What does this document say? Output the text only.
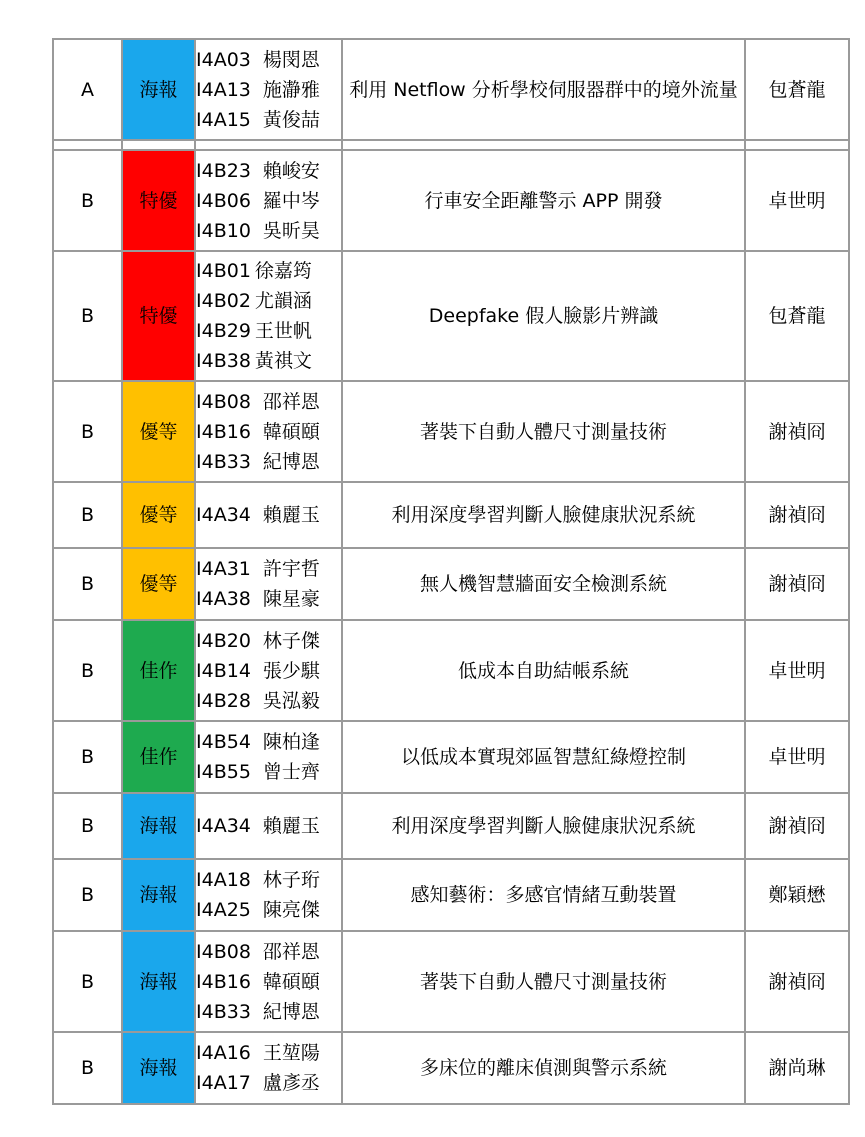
A	海報	I4A03 楊閔恩
I4A13 施瀞雅
I4A15 黃俊喆	利用 Netflow 分析學校伺服器群中的境外流量	包蒼龍

B	特優	I4B23 賴峻安
I4B06 羅中岑
I4B10 吳昕昊	行車安全距離警示 APP 開發	卓世明
B	特優	I4B01 徐嘉筠
I4B02 尤韻涵
I4B29 王世帆
I4B38 黃祺文	Deepfake 假人臉影片辨識	包蒼龍
B	優等	I4B08 邵祥恩
I4B16 韓碩頤
I4B33 紀博恩	著裝下自動人體尺寸測量技術	謝禎冏
B	優等	I4A34 賴麗玉	利用深度學習判斷人臉健康狀況系統	謝禎冏
B	優等	I4A31 許宇哲
I4A38 陳星豪	無人機智慧牆面安全檢測系統	謝禎冏
B	佳作	I4B20 林子傑
I4B14 張少騏
I4B28 吳泓毅	低成本自助結帳系統	卓世明
B	佳作	I4B54 陳柏逢
I4B55 曾士齊	以低成本實現郊區智慧紅綠燈控制	卓世明
B	海報	I4A34 賴麗玉	利用深度學習判斷人臉健康狀況系統	謝禎冏
B	海報	I4A18 林子珩
I4A25 陳亮傑	感知藝術：多感官情緒互動裝置	鄭穎懋
B	海報	I4B08 邵祥恩
I4B16 韓碩頤
I4B33 紀博恩	著裝下自動人體尺寸測量技術	謝禎冏
B	海報	I4A16 王堃陽
I4A17 盧彥丞	多床位的離床偵測與警示系統	謝尚琳
